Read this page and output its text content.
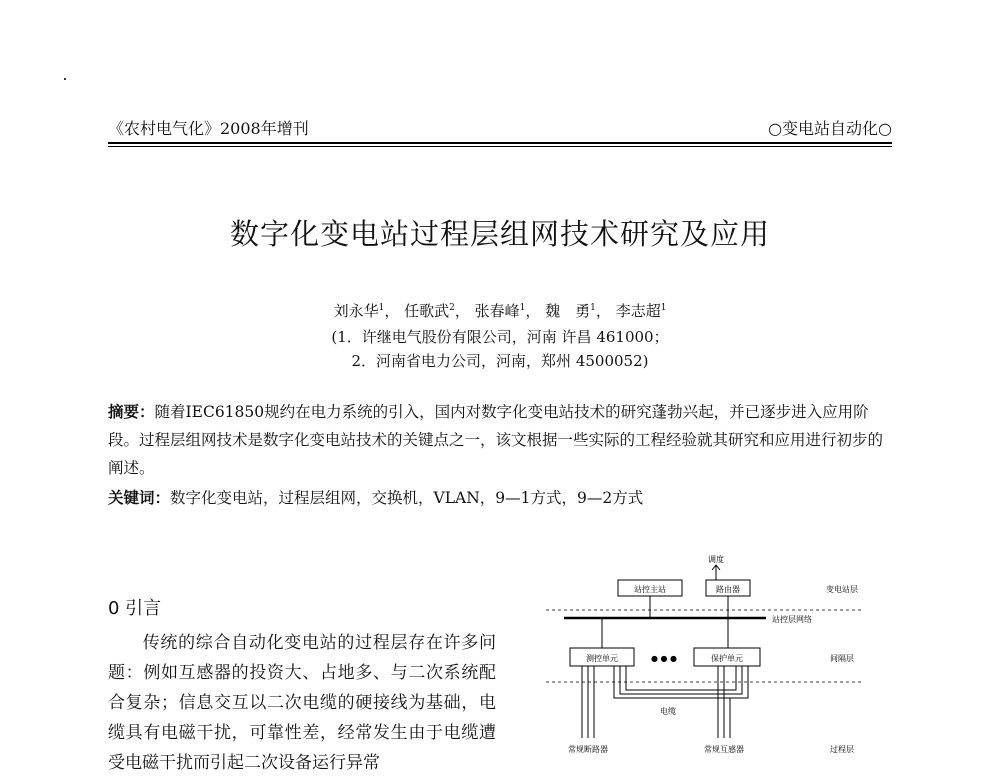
《农村电气化》2008年增刊	○变电站自动化○
数字化变电站过程层组网技术研究及应用
刘永华$^1$， 任歌武$^2$， 张春峰$^1$， 魏　勇$^1$， 李志超$^1$
(1．许继电气股份有限公司，河南 许昌 461000；
2．河南省电力公司，河南，郑州 4500052)
摘要：随着IEC61850规约在电力系统的引入，国内对数字化变电站技术的研究蓬勃兴起，并已逐步进入应用阶段。过程层组网技术是数字化变电站技术的关键点之一，该文根据一些实际的工程经验就其研究和应用进行初步的阐述。
关键词：数字化变电站，过程层组网，交换机，VLAN，9—1方式，9—2方式
0 引言
传统的综合自动化变电站的过程层存在许多问题：例如互感器的投资大、占地多、与二次系统配合复杂；信息交互以二次电缆的硬接线为基础，电缆具有电磁干扰，可靠性差，经常发生由于电缆遭受电磁干扰而引起二次设备运行异常
调度
站控主站	路由器	变电站层
站控层网络
测控单元	● ● ●	保护单元	间隔层
电缆
常规断路器	常规互感器	过程层
